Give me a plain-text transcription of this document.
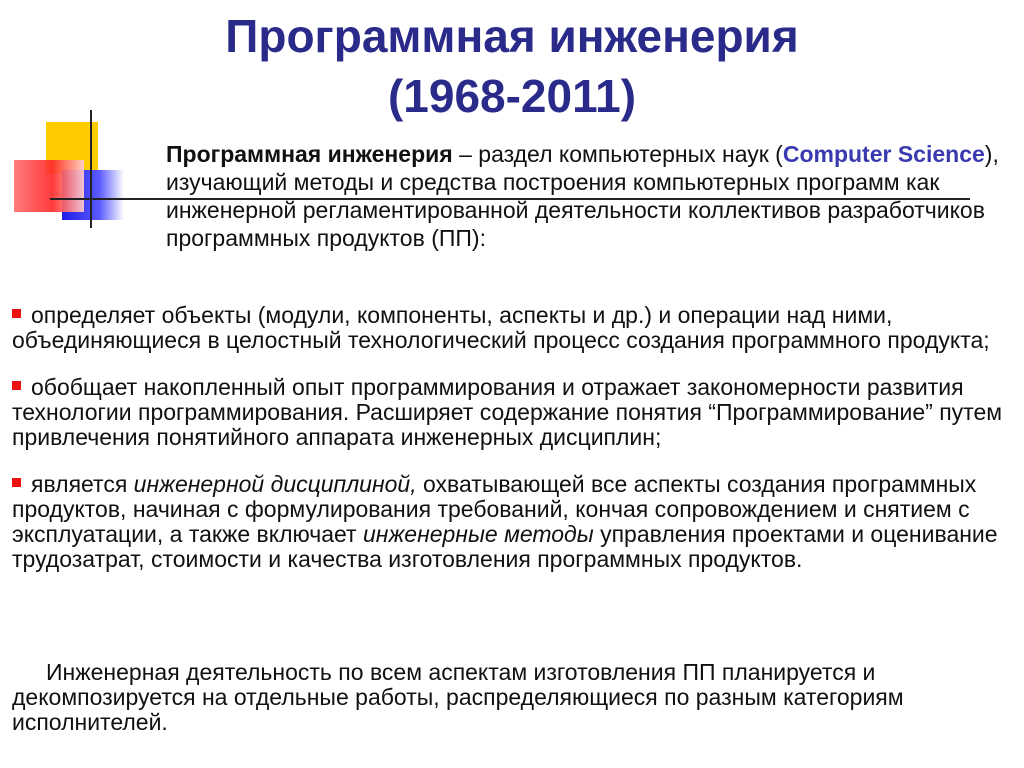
Программная инженерия
(1968-2011)
Программная инженерия – раздел компьютерных наук (Computer Science), изучающий методы и средства построения компьютерных программ как инженерной регламентированной деятельности коллективов разработчиков программных продуктов (ПП):
определяет объекты (модули, компоненты, аспекты и др.) и операции над ними, объединяющиеся в целостный технологический процесс создания программного продукта;
обобщает накопленный опыт программирования и отражает закономерности развития технологии программирования. Расширяет содержание понятия “Программирование” путем привлечения понятийного аппарата инженерных дисциплин;
является инженерной дисциплиной, охватывающей все аспекты создания программных продуктов, начиная с формулирования требований, кончая сопровождением и снятием с эксплуатации, а также включает инженерные методы управления проектами и оценивание трудозатрат, стоимости и качества изготовления программных продуктов.
Инженерная деятельность по всем аспектам изготовления ПП планируется и декомпозируется на отдельные работы, распределяющиеся по разным категориям исполнителей.
